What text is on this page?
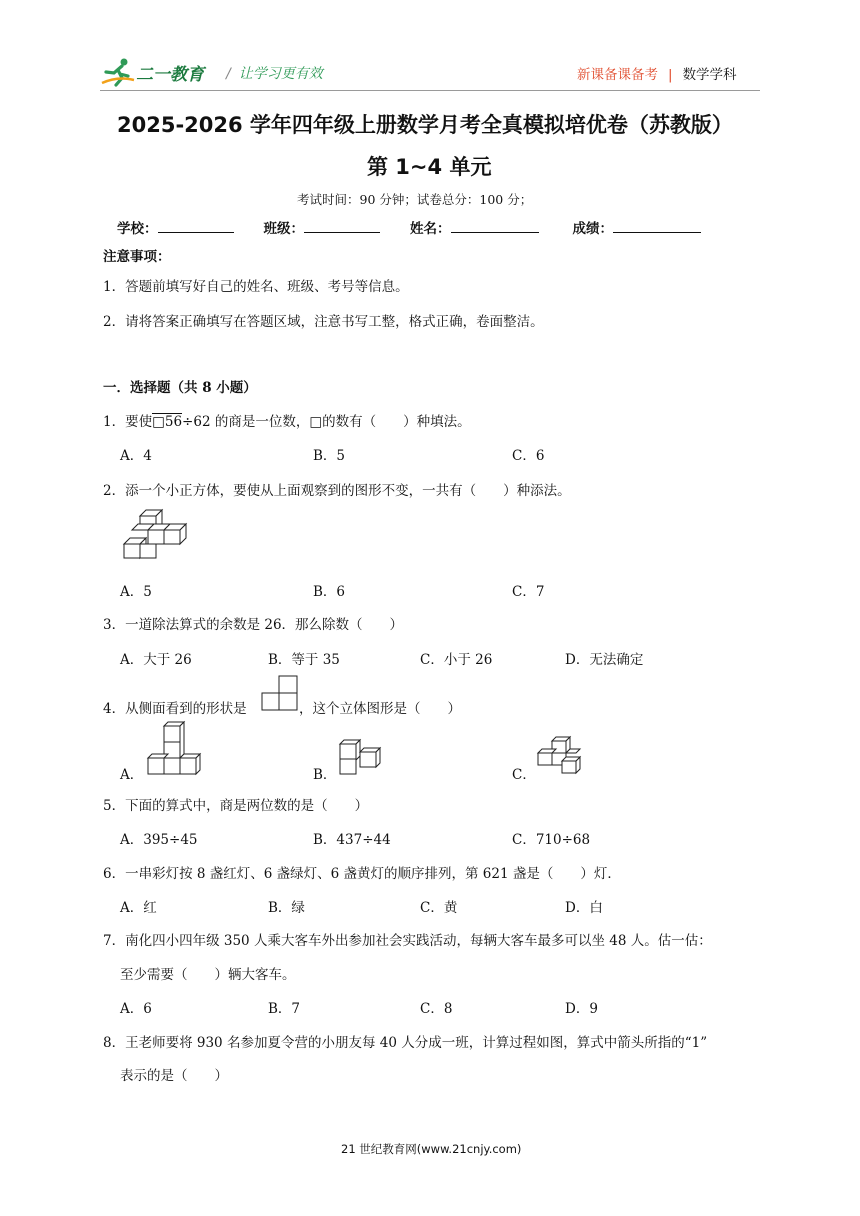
二一教育 / 让学习更有效	新课备课备考 | 数学学科
2025-2026 学年四年级上册数学月考全真模拟培优卷（苏教版）
第 1~4 单元
考试时间：90 分钟；试卷总分：100 分；
学校：	班级：	姓名：	成绩：
注意事项：
1．答题前填写好自己的姓名、班级、考号等信息。
2．请将答案正确填写在答题区域，注意书写工整，格式正确，卷面整洁。
一．选择题（共 8 小题）
1．要使□56÷62 的商是一位数，□的数有（　　）种填法。
A．4	B．5	C．6
2．添一个小正方体，要使从上面观察到的图形不变，一共有（　　）种添法。
A．5	B．6	C．7
3．一道除法算式的余数是 26．那么除数（　　）
A．大于 26	B．等于 35	C．小于 26	D．无法确定
4．从侧面看到的形状是	，这个立体图形是（　　）
A．	B．	C．
5．下面的算式中，商是两位数的是（　　）
A．395÷45	B．437÷44	C．710÷68
6．一串彩灯按 8 盏红灯、6 盏绿灯、6 盏黄灯的顺序排列，第 621 盏是（　　）灯．
A．红	B．绿	C．黄	D．白
7．南化四小四年级 350 人乘大客车外出参加社会实践活动，每辆大客车最多可以坐 48 人。估一估：
至少需要（　　）辆大客车。
A．6	B．7	C．8	D．9
8．王老师要将 930 名参加夏令营的小朋友每 40 人分成一班，计算过程如图，算式中箭头所指的“1”
表示的是（　　）
21 世纪教育网(www.21cnjy.com)
